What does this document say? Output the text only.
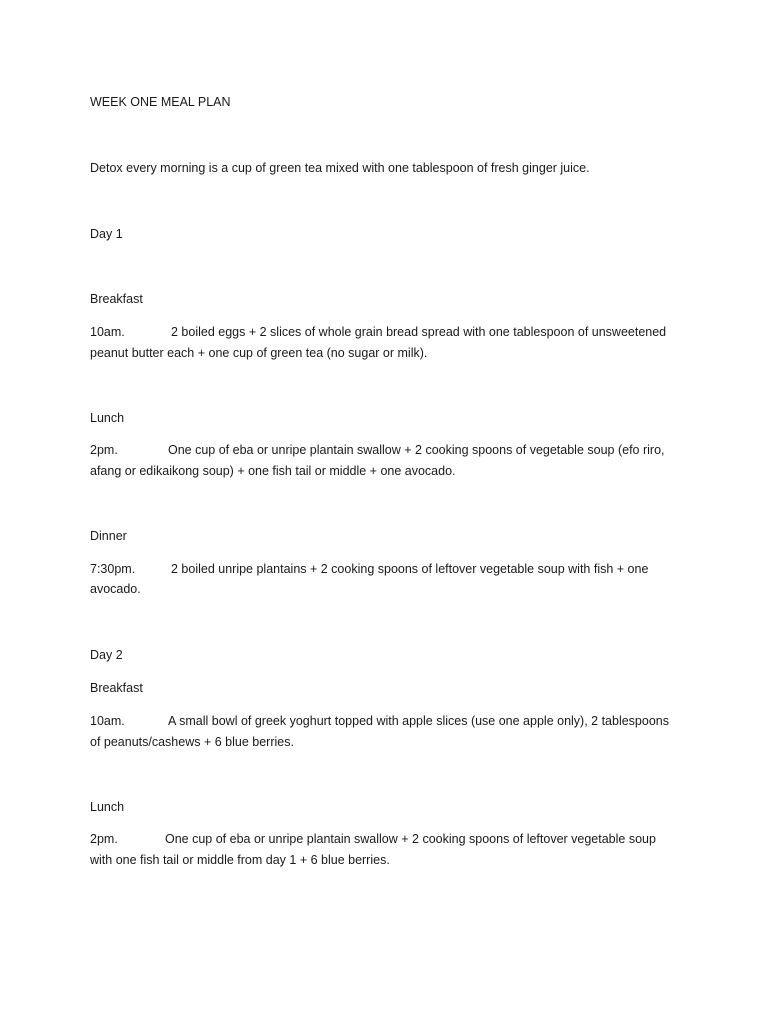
WEEK ONE MEAL PLAN
Detox every morning is a cup of green tea mixed with one tablespoon of fresh ginger juice.
Day 1
Breakfast
10am.	2 boiled eggs + 2 slices of whole grain bread spread with one tablespoon of unsweetened
peanut butter each + one cup of green tea (no sugar or milk).
Lunch
2pm.	One cup of eba or unripe plantain swallow + 2 cooking spoons of vegetable soup (efo riro,
afang or edikaikong soup) + one fish tail or middle + one avocado.
Dinner
7:30pm.	2 boiled unripe plantains + 2 cooking spoons of leftover vegetable soup with fish + one
avocado.
Day 2
Breakfast
10am.	A small bowl of greek yoghurt topped with apple slices (use one apple only), 2 tablespoons
of peanuts/cashews + 6 blue berries.
Lunch
2pm.	One cup of eba or unripe plantain swallow + 2 cooking spoons of leftover vegetable soup
with one fish tail or middle from day 1 + 6 blue berries.
